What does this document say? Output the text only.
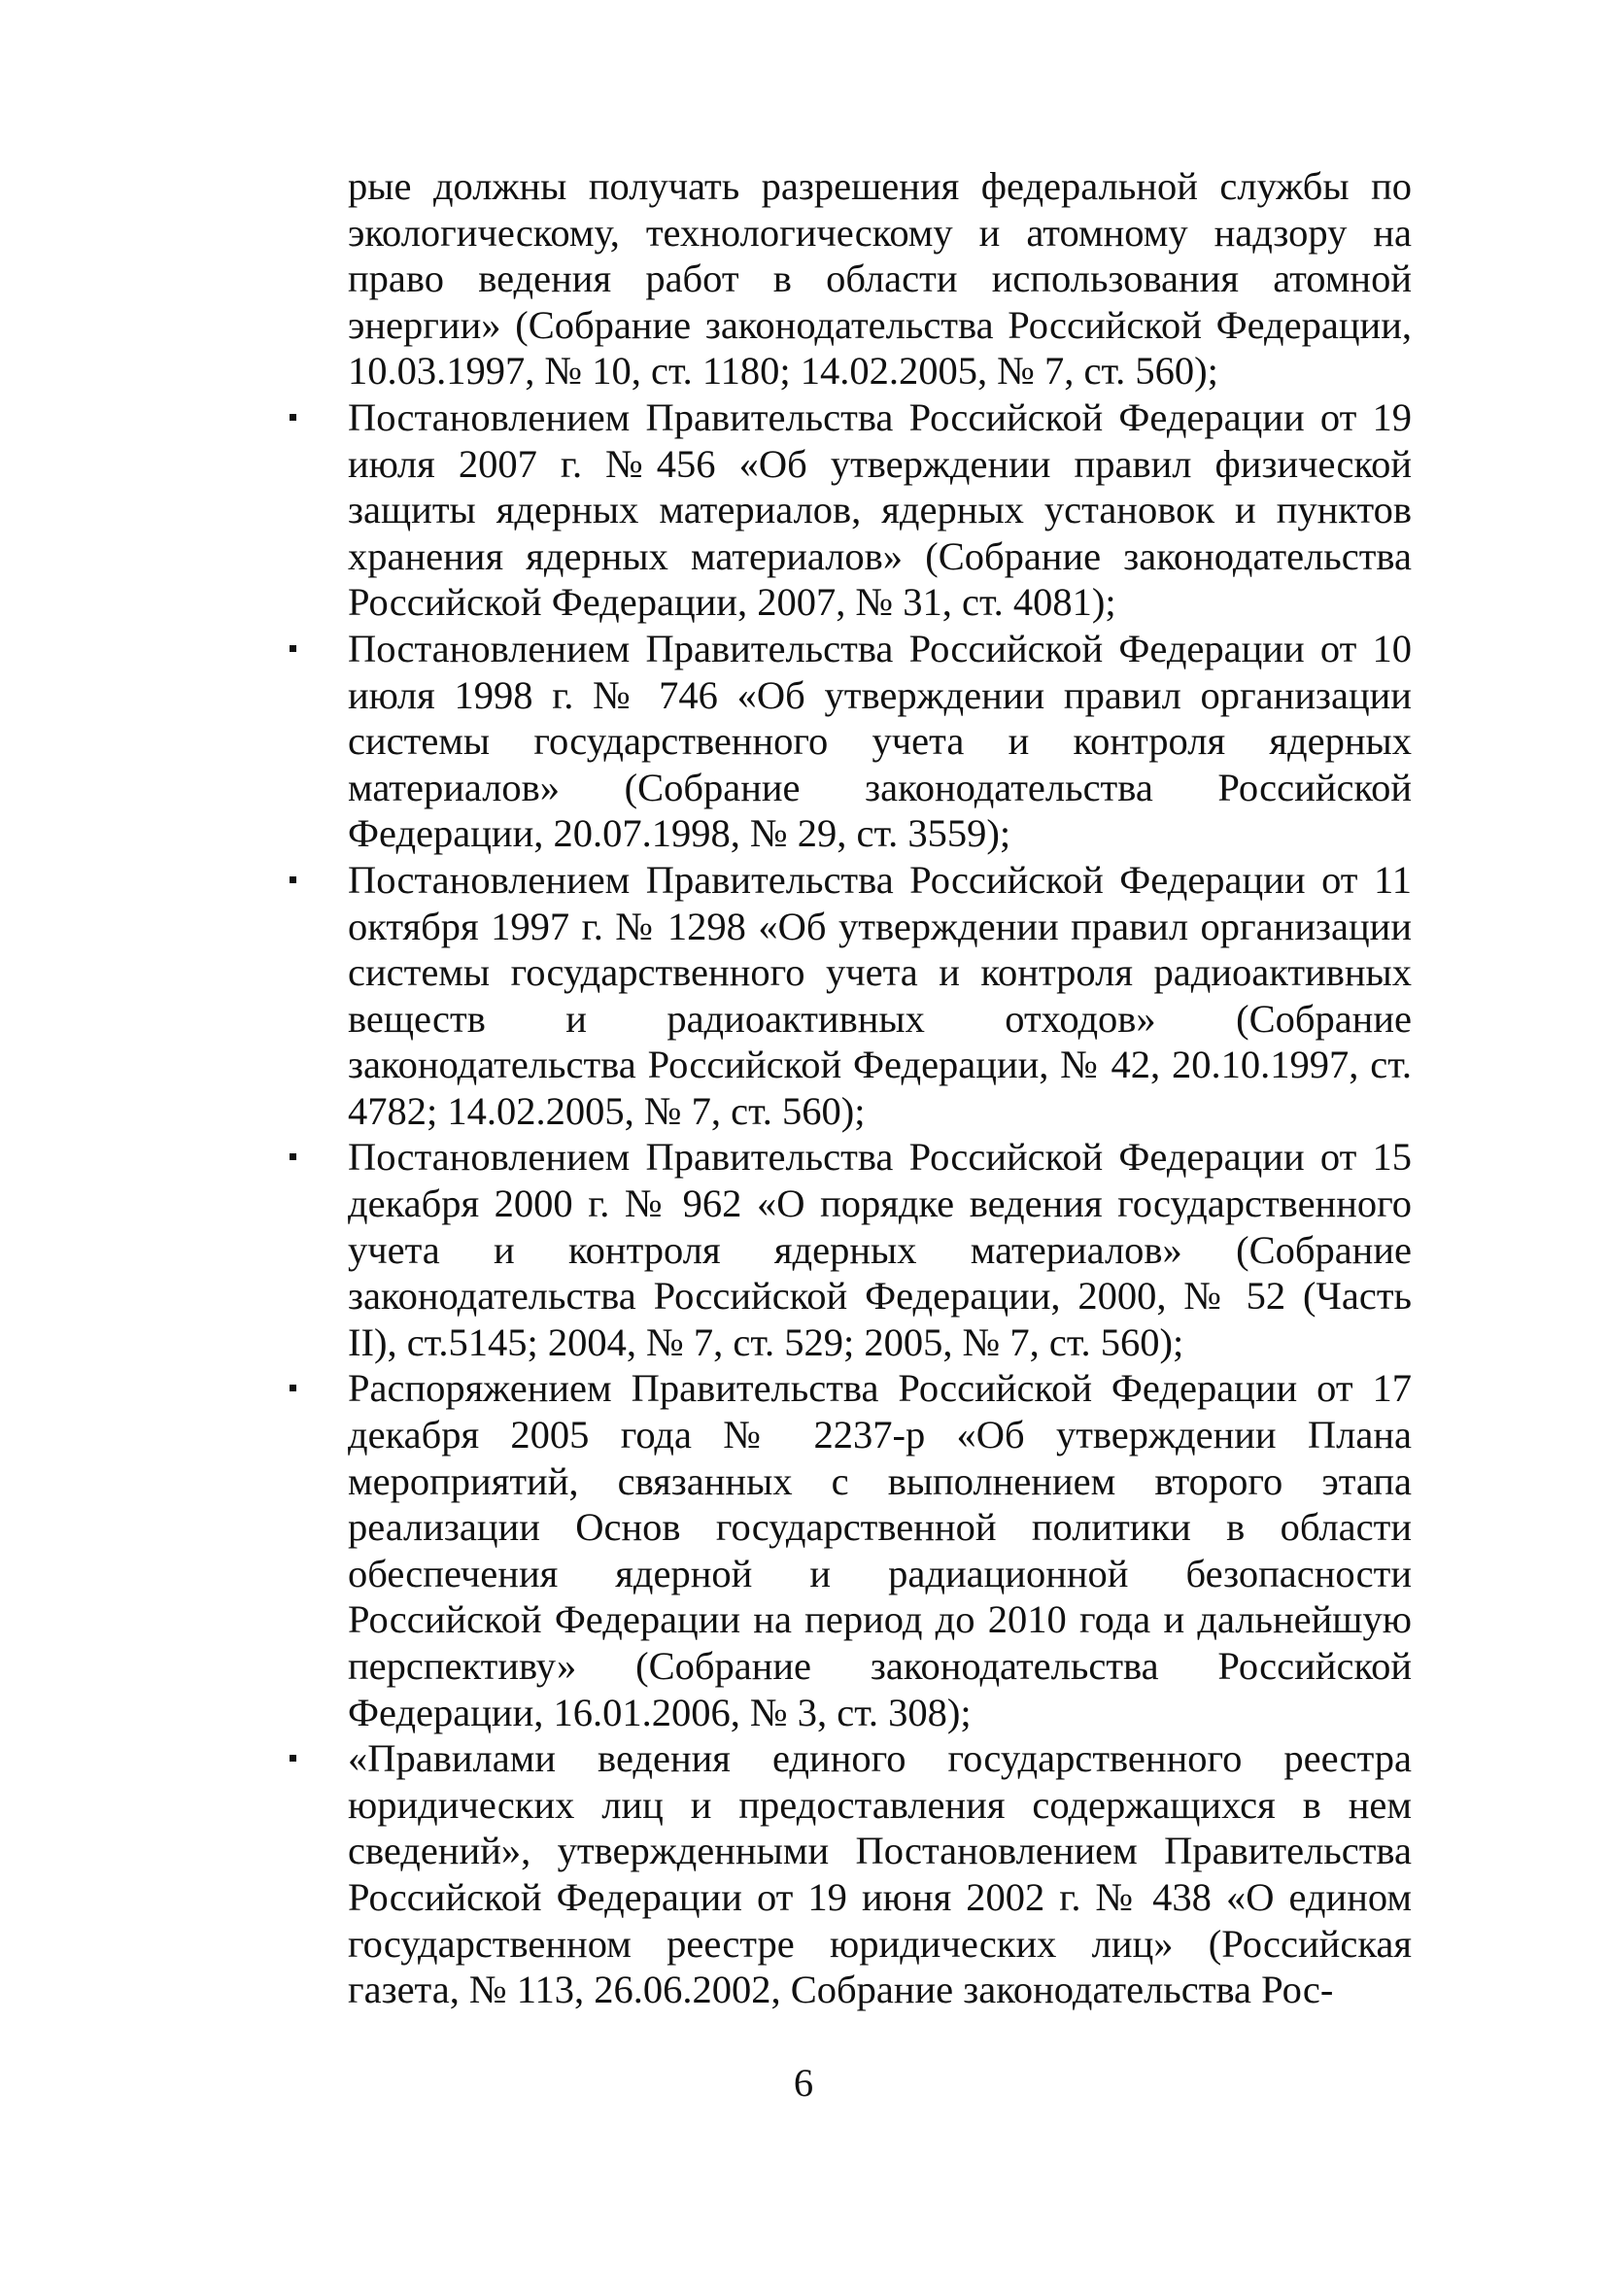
рые должны получать разрешения федеральной службы по экологическому, технологическому и атомному надзору на право ведения работ в области использования атомной энергии» (Собрание законодательства Российской Федерации, 10.03.1997, № 10, ст. 1180; 14.02.2005, № 7, ст. 560);

Постановлением Правительства Российской Федерации от 19 июля 2007 г. №456 «Об утверждении правил физической защиты ядерных материалов, ядерных установок и пунктов хранения ядерных материалов» (Собрание законодательства Российской Федерации, 2007, № 31, ст. 4081);
Постановлением Правительства Российской Федерации от 10 июля 1998 г. № 746 «Об утверждении правил организации системы государственного учета и контроля ядерных материалов» (Собрание законодательства Российской Федерации, 20.07.1998, № 29, ст. 3559);
Постановлением Правительства Российской Федерации от 11 октября 1997 г. № 1298 «Об утверждении правил организации системы государственного учета и контроля радиоактивных веществ и радиоактивных отходов» (Собрание законодательства Российской Федерации, № 42, 20.10.1997, ст. 4782; 14.02.2005, № 7, ст. 560);
Постановлением Правительства Российской Федерации от 15 декабря 2000 г. № 962 «О порядке ведения государственного учета и контроля ядерных материалов» (Собрание законодательства Российской Федерации, 2000, № 52 (Часть II), ст.5145; 2004, № 7, ст. 529; 2005, № 7, ст. 560);
Распоряжением Правительства Российской Федерации от 17 декабря 2005 года № 2237-р «Об утверждении Плана мероприятий, связанных с выполнением второго этапа реализации Основ государственной политики в области обеспечения ядерной и радиационной безопасности Российской Федерации на период до 2010 года и дальнейшую перспективу» (Собрание законодательства Российской Федерации, 16.01.2006, № 3, ст. 308);
«Правилами ведения единого государственного реестра юридических лиц и предоставления содержащихся в нем сведений», утвержденными Постановлением Правительства Российской Федерации от 19 июня 2002 г. № 438 «О едином государственном реестре юридических лиц» (Российская газета, № 113, 26.06.2002, Собрание законодательства Рос-
6
